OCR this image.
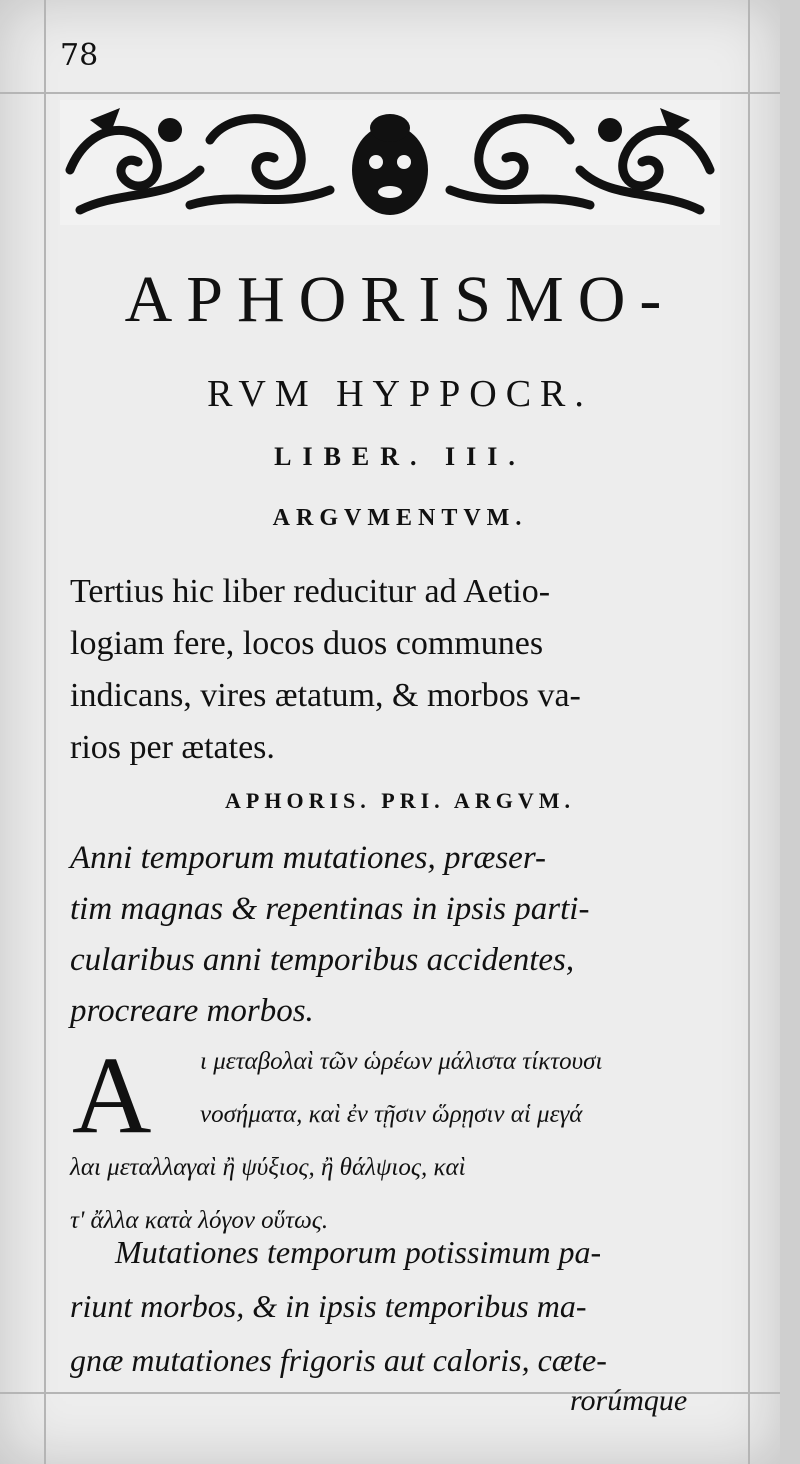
78
APHORISMO-
RVM HYPPOCR.
LIBER. III.
ARGVMENTVM.
Tertius hic liber reducitur ad Aetio-
logiam fere, locos duos communes
indicans, vires ætatum, & morbos va-
rios per ætates.
APHORIS. PRI. ARGVM.
Anni temporum mutationes, præser-
tim magnas & repentinas in ipsis parti-
cularibus anni temporibus accidentes,
procreare morbos.
A ι μεταβολαὶ τῶν ὡρέων μάλιστα τίκτουσι
νοσήματα, καὶ ἐν τῇσιν ὥρῃσιν αἱ μεγά
λαι μεταλλαγαὶ ἢ ψύξιος, ἢ θάλψιος, καὶ
τ' ἄλλα κατὰ λόγον οὕτως.
Mutationes temporum potissimum pa-
riunt morbos, & in ipsis temporibus ma-
gnæ mutationes frigoris aut caloris, cæte-
rorúmque
